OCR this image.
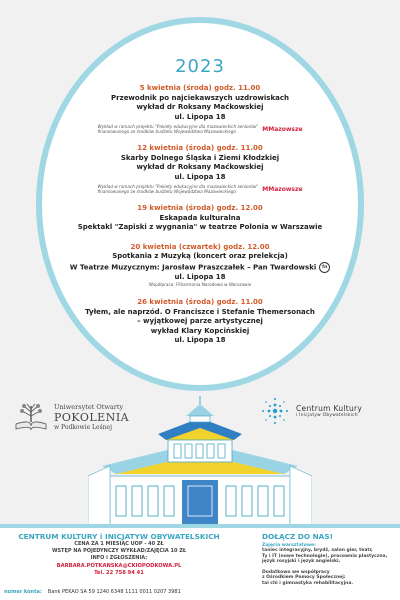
2023
5 kwietnia (środa) godz. 11.00
Przewodnik po najciekawszych uzdrowiskach
wykład dr Roksany Maćkowskiej
ul. Lipopa 18
Wykład w ramach projektu "Pakiety edukacyjne dla mazowieckich seniorów"
finansowanego ze środków budżetu Województwa Mazowieckiego	ⅯMazowsze
12 kwietnia (środa) godz. 11.00
Skarby Dolnego Śląska i Ziemi Kłodzkiej
wykład dr Roksany Maćkowskiej
ul. Lipopa 18
Wykład w ramach projektu "Pakiety edukacyjne dla mazowieckich seniorów"
finansowanego ze środków budżetu Województwa Mazowieckiego	ⅯMazowsze
19 kwietnia (środa) godz. 12.00
Eskapada kulturalna
Spektakl "Zapiski z wygnania" w teatrze Polonia w Warszawie
20 kwietnia (czwartek) godz. 12.00
Spotkania z Muzyką (koncert oraz prelekcja)
W Teatrze Muzycznym: Jarosław Praszczałek – Pan Twardowski fn
ul. Lipopa 18
Współpraca: Filharmonia Narodowa w Warszawie
26 kwietnia (środa) godz. 11.00
Tyłem, ale naprzód. O Franciszce i Stefanie Themersonach
– wyjątkowej parze artystycznej
wykład Klary Kopcińskiej
ul. Lipopa 18
Uniwersytet Otwarty
POKOLENIA
w Podkowie Leśnej
Centrum Kultury
i Inicjatyw Obywatelskich
CENTRUM KULTURY i INICJATYW OBYWATELSKICH
CENA ZA 1 MIESIĄC UOP - 40 ZŁ
WSTĘP NA POJEDYNCZY WYKŁAD/ZAJĘCIA 10 ZŁ
INFO i ZGŁOSZENIA:
BARBARA.POTKANSKA@CKIOPODKOWA.PL
Tel. 22 758 94 41
numer konta: Bank PEKAO SA 59 1240 6348 1111 0011 0207 3981
DOŁĄCZ DO NAS!
Zajęcia warsztatowe:
taniec integracyjny, brydż, salon gier, teatr,
Ty i IT (nowe technologie), pracownia plastyczna,
język rosyjski i język angielski.
Dodatkowo we współpracy
z Ośrodkiem Pomocy Społecznej:
tai chi i gimnastyka rehabilitacyjna.
